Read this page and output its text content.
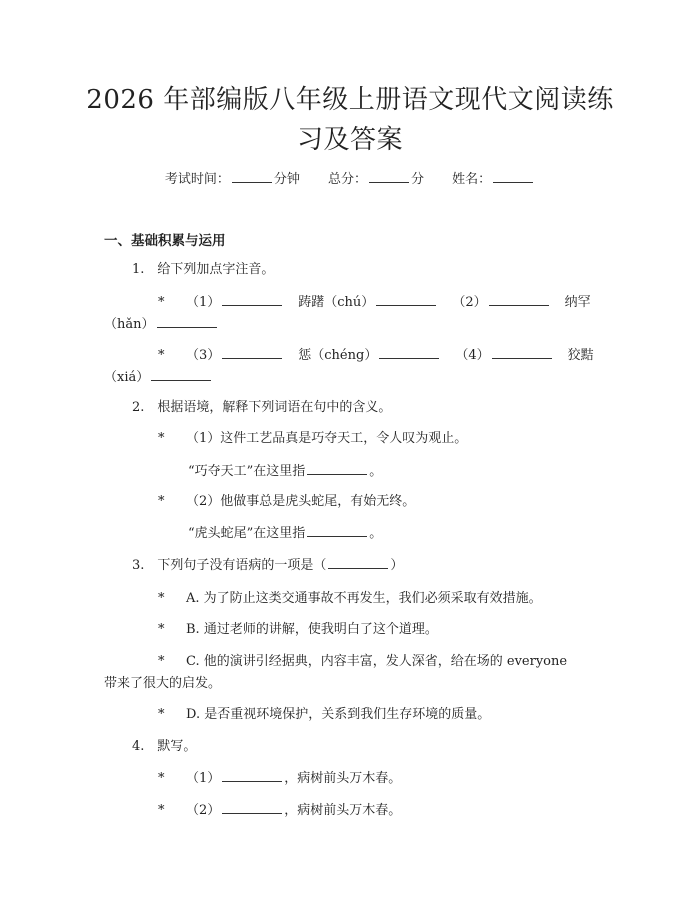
2026 年部编版八年级上册语文现代文阅读练
习及答案
考试时间：	分钟 总分：	分 姓名：
一、基础积累与运用
1.　给下列加点字注音。
* （1）	踌躇（chú）	（2）	纳罕
（hǎn）
* （3）	惩（chéng）	（4）	狡黠
（xiá）
2.　根据语境，解释下列词语在句中的含义。
* （1）这件工艺品真是巧夺天工，令人叹为观止。
“巧夺天工”在这里指	。
* （2）他做事总是虎头蛇尾，有始无终。
“虎头蛇尾”在这里指	。
3.　下列句子没有语病的一项是（	）
* A. 为了防止这类交通事故不再发生，我们必须采取有效措施。
* B. 通过老师的讲解，使我明白了这个道理。
* C. 他的演讲引经据典，内容丰富，发人深省，给在场的 everyone
带来了很大的启发。
* D. 是否重视环境保护，关系到我们生存环境的质量。
4.　默写。
* （1）	，病树前头万木春。
* （2）	，病树前头万木春。
